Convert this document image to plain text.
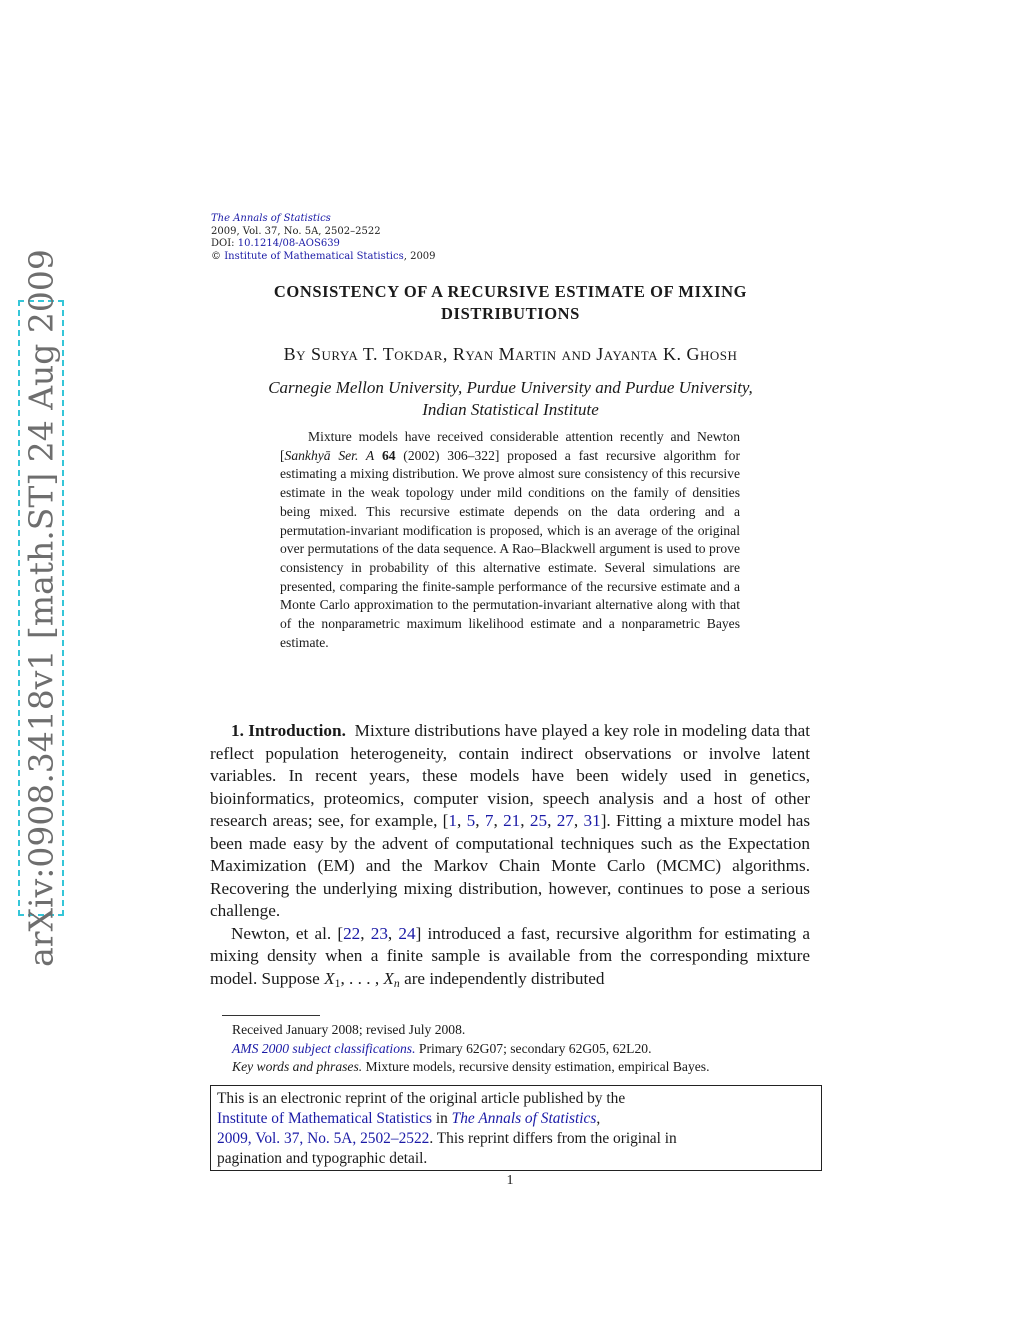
arXiv:0908.3418v1 [math.ST] 24 Aug 2009
The Annals of Statistics
2009, Vol. 37, No. 5A, 2502–2522
DOI: 10.1214/08-AOS639
© Institute of Mathematical Statistics, 2009
CONSISTENCY OF A RECURSIVE ESTIMATE OF MIXING
DISTRIBUTIONS
By Surya T. Tokdar, Ryan Martin and Jayanta K. Ghosh
Carnegie Mellon University, Purdue University and Purdue University,
Indian Statistical Institute
Mixture models have received considerable attention recently and Newton [Sankhyā Ser. A 64 (2002) 306–322] proposed a fast recursive algorithm for estimating a mixing distribution. We prove almost sure consistency of this recursive estimate in the weak topology under mild conditions on the family of densities being mixed. This recursive estimate depends on the data ordering and a permutation-invariant modification is proposed, which is an average of the original over permutations of the data sequence. A Rao–Blackwell argument is used to prove consistency in probability of this alternative estimate. Several simulations are presented, comparing the finite-sample performance of the recursive estimate and a Monte Carlo approximation to the permutation-invariant alternative along with that of the nonparametric maximum likelihood estimate and a nonparametric Bayes estimate.

1. Introduction. Mixture distributions have played a key role in modeling data that reflect population heterogeneity, contain indirect observations or involve latent variables. In recent years, these models have been widely used in genetics, bioinformatics, proteomics, computer vision, speech analysis and a host of other research areas; see, for example, [1, 5, 7, 21, 25, 27, 31]. Fitting a mixture model has been made easy by the advent of computational techniques such as the Expectation Maximization (EM) and the Markov Chain Monte Carlo (MCMC) algorithms. Recovering the underlying mixing distribution, however, continues to pose a serious challenge.

Newton, et al. [22, 23, 24] introduced a fast, recursive algorithm for estimating a mixing density when a finite sample is available from the corresponding mixture model. Suppose $X_1$, . . . , $X_n$ are independently distributed

Received January 2008; revised July 2008.
AMS 2000 subject classifications. Primary 62G07; secondary 62G05, 62L20.
Key words and phrases. Mixture models, recursive density estimation, empirical Bayes.
This is an electronic reprint of the original article published by the
Institute of Mathematical Statistics in The Annals of Statistics,
2009, Vol. 37, No. 5A, 2502–2522. This reprint differs from the original in
pagination and typographic detail.
1
